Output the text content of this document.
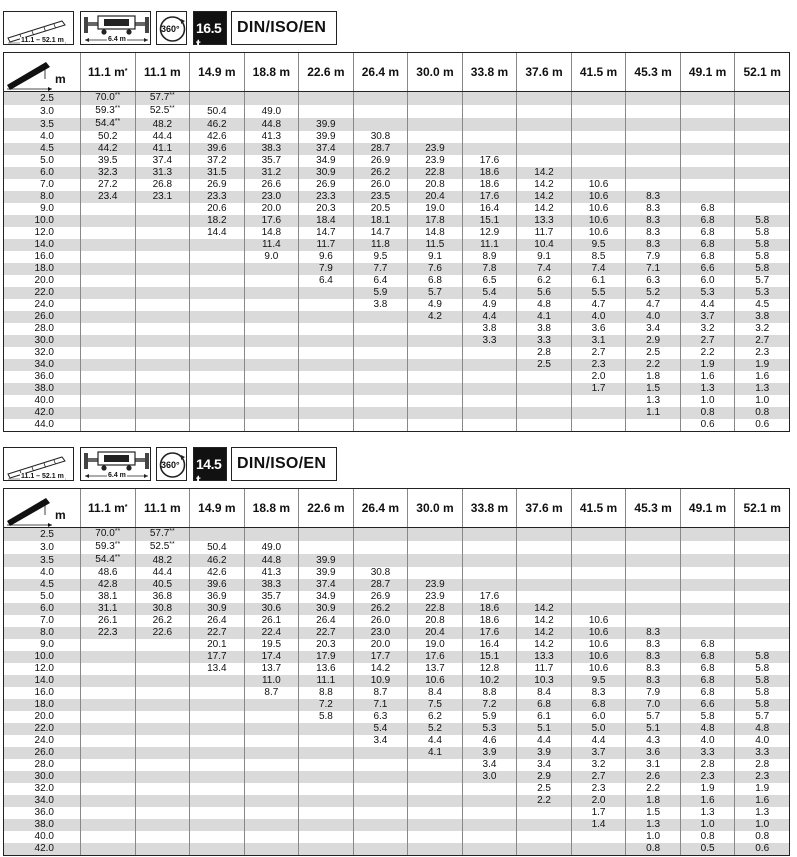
11.1 – 52.1 m	6.4 m
360° 16.5 t
DIN/ISO/EN
m	11.1 m*	11.1 m	14.9 m	18.8 m	22.6 m	26.4 m	30.0 m	33.8 m	37.6 m	41.5 m	45.3 m	49.1 m	52.1 m
2.5	70.0**	57.7**											
3.0	59.3**	52.5**	50.4	49.0									
3.5	54.4**	48.2	46.2	44.8	39.9								
4.0	50.2	44.4	42.6	41.3	39.9	30.8							
4.5	44.2	41.1	39.6	38.3	37.4	28.7	23.9						
5.0	39.5	37.4	37.2	35.7	34.9	26.9	23.9	17.6					
6.0	32.3	31.3	31.5	31.2	30.9	26.2	22.8	18.6	14.2				
7.0	27.2	26.8	26.9	26.6	26.9	26.0	20.8	18.6	14.2	10.6			
8.0	23.4	23.1	23.3	23.0	23.3	23.5	20.4	17.6	14.2	10.6	8.3		
9.0			20.6	20.0	20.3	20.5	19.0	16.4	14.2	10.6	8.3	6.8	
10.0			18.2	17.6	18.4	18.1	17.8	15.1	13.3	10.6	8.3	6.8	5.8
12.0			14.4	14.8	14.7	14.7	14.8	12.9	11.7	10.6	8.3	6.8	5.8
14.0				11.4	11.7	11.8	11.5	11.1	10.4	9.5	8.3	6.8	5.8
16.0				9.0	9.6	9.5	9.1	8.9	9.1	8.5	7.9	6.8	5.8
18.0					7.9	7.7	7.6	7.8	7.4	7.4	7.1	6.6	5.8
20.0					6.4	6.4	6.8	6.5	6.2	6.1	6.3	6.0	5.7
22.0						5.9	5.7	5.4	5.6	5.5	5.2	5.3	5.3
24.0						3.8	4.9	4.9	4.8	4.7	4.7	4.4	4.5
26.0							4.2	4.4	4.1	4.0	4.0	3.7	3.8
28.0								3.8	3.8	3.6	3.4	3.2	3.2
30.0								3.3	3.3	3.1	2.9	2.7	2.7
32.0									2.8	2.7	2.5	2.2	2.3
34.0									2.5	2.3	2.2	1.9	1.9
36.0										2.0	1.8	1.6	1.6
38.0										1.7	1.5	1.3	1.3
40.0											1.3	1.0	1.0
42.0											1.1	0.8	0.8
44.0												0.6	0.6
11.1 – 52.1 m	6.4 m
360° 14.5 t
DIN/ISO/EN
m	11.1 m*	11.1 m	14.9 m	18.8 m	22.6 m	26.4 m	30.0 m	33.8 m	37.6 m	41.5 m	45.3 m	49.1 m	52.1 m
2.5	70.0**	57.7**											
3.0	59.3**	52.5**	50.4	49.0									
3.5	54.4**	48.2	46.2	44.8	39.9								
4.0	48.6	44.4	42.6	41.3	39.9	30.8							
4.5	42.8	40.5	39.6	38.3	37.4	28.7	23.9						
5.0	38.1	36.8	36.9	35.7	34.9	26.9	23.9	17.6					
6.0	31.1	30.8	30.9	30.6	30.9	26.2	22.8	18.6	14.2				
7.0	26.1	26.2	26.4	26.1	26.4	26.0	20.8	18.6	14.2	10.6			
8.0	22.3	22.6	22.7	22.4	22.7	23.0	20.4	17.6	14.2	10.6	8.3		
9.0			20.1	19.5	20.3	20.0	19.0	16.4	14.2	10.6	8.3	6.8	
10.0			17.7	17.4	17.9	17.7	17.6	15.1	13.3	10.6	8.3	6.8	5.8
12.0			13.4	13.7	13.6	14.2	13.7	12.8	11.7	10.6	8.3	6.8	5.8
14.0				11.0	11.1	10.9	10.6	10.2	10.3	9.5	8.3	6.8	5.8
16.0				8.7	8.8	8.7	8.4	8.8	8.4	8.3	7.9	6.8	5.8
18.0					7.2	7.1	7.5	7.2	6.8	6.8	7.0	6.6	5.8
20.0					5.8	6.3	6.2	5.9	6.1	6.0	5.7	5.8	5.7
22.0						5.4	5.2	5.3	5.1	5.0	5.1	4.8	4.8
24.0						3.4	4.4	4.6	4.4	4.4	4.3	4.0	4.0
26.0							4.1	3.9	3.9	3.7	3.6	3.3	3.3
28.0								3.4	3.4	3.2	3.1	2.8	2.8
30.0								3.0	2.9	2.7	2.6	2.3	2.3
32.0									2.5	2.3	2.2	1.9	1.9
34.0									2.2	2.0	1.8	1.6	1.6
36.0										1.7	1.5	1.3	1.3
38.0										1.4	1.3	1.0	1.0
40.0											1.0	0.8	0.8
42.0											0.8	0.5	0.6
